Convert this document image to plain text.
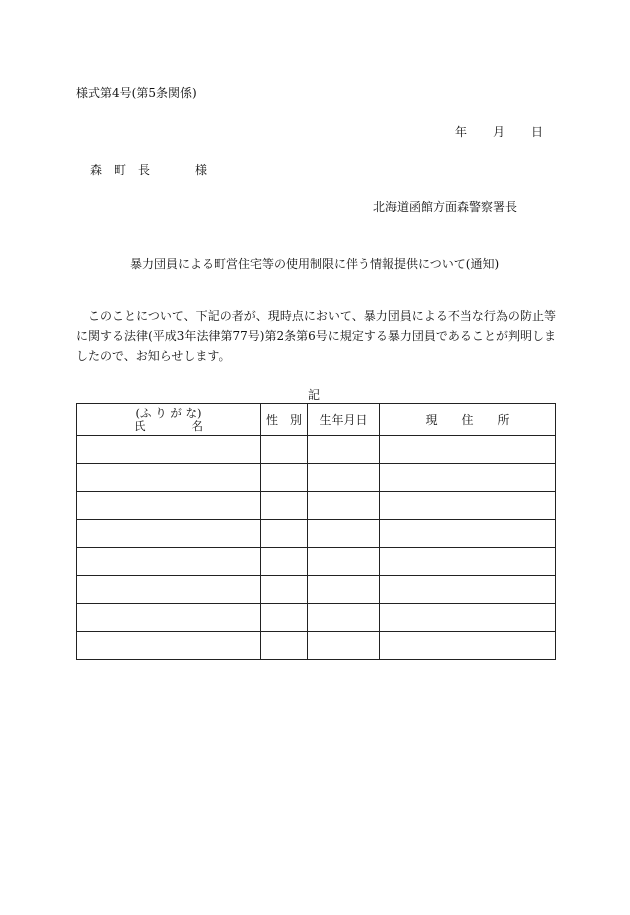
様式第4号(第5条関係)
年 月 日
森　町　長	様
北海道函館方面森警察署長
暴力団員による町営住宅等の使用制限に伴う情報提供について(通知)

このことについて、下記の者が、現時点において、暴力団員による不当な行為の防止等に関する法律(平成3年法律第77号)第2条第6号に規定する暴力団員であることが判明しましたので、お知らせします。

記
(ふ り が な)
氏　　　　名	性　別	生年月日	現　　住　　所
